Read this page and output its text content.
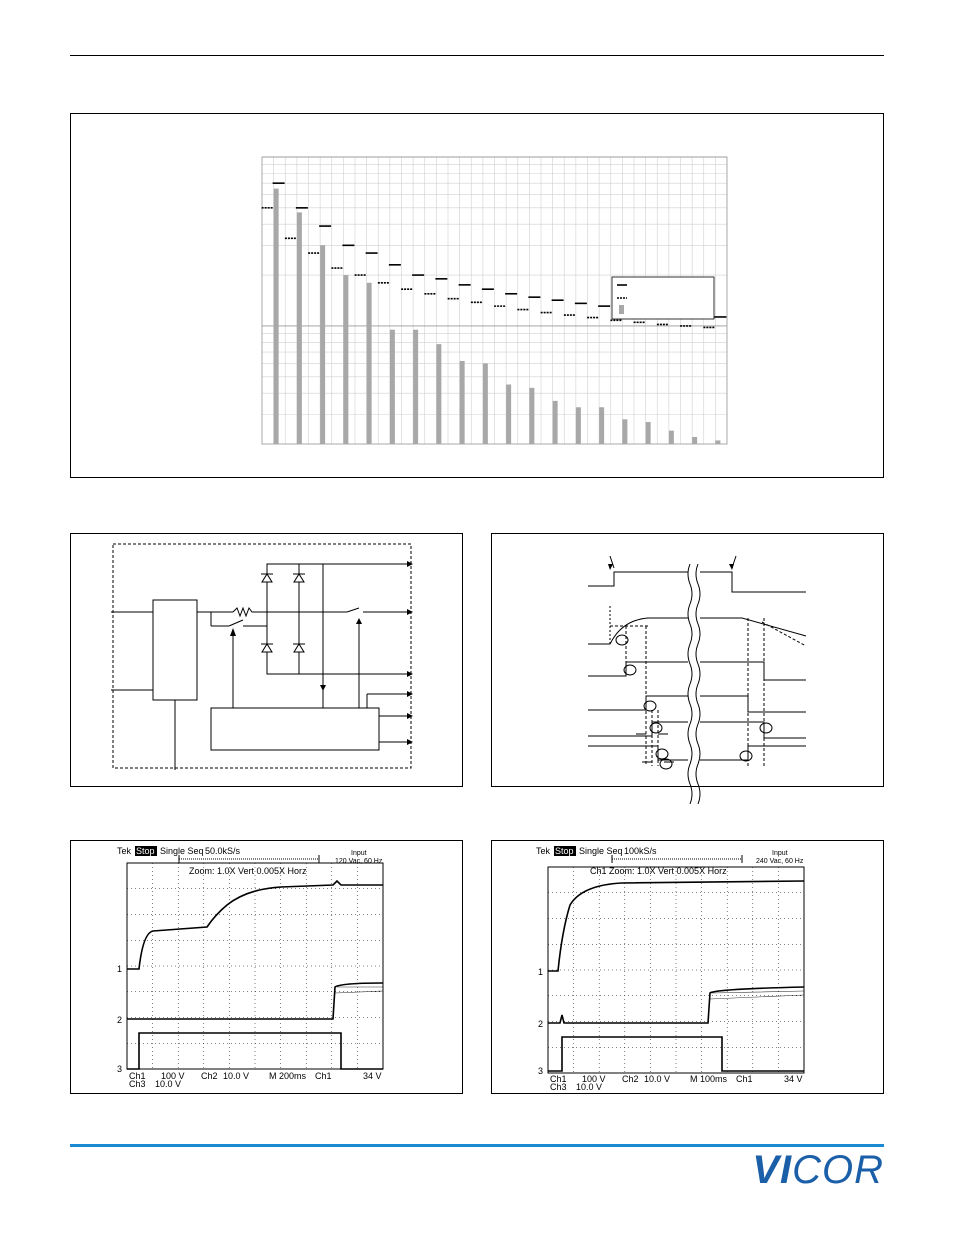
Tek Stop Single Seq 50.0kS/s	Input
120 Vac, 60 Hz
Zoom: 1.0X Vert 0.005X Horz
1
2
3
Ch1 100 V Ch2 10.0 V M 200ms Ch1	34 V
Ch3 10.0 V
Tek Stop Single Seq 100kS/s	Input
240 Vac, 60 Hz
Ch1 Zoom: 1.0X Vert 0.005X Horz
1
2
3
Ch1 100 V Ch2 10.0 V M 100ms Ch1	34 V
Ch3 10.0 V
VICOR
